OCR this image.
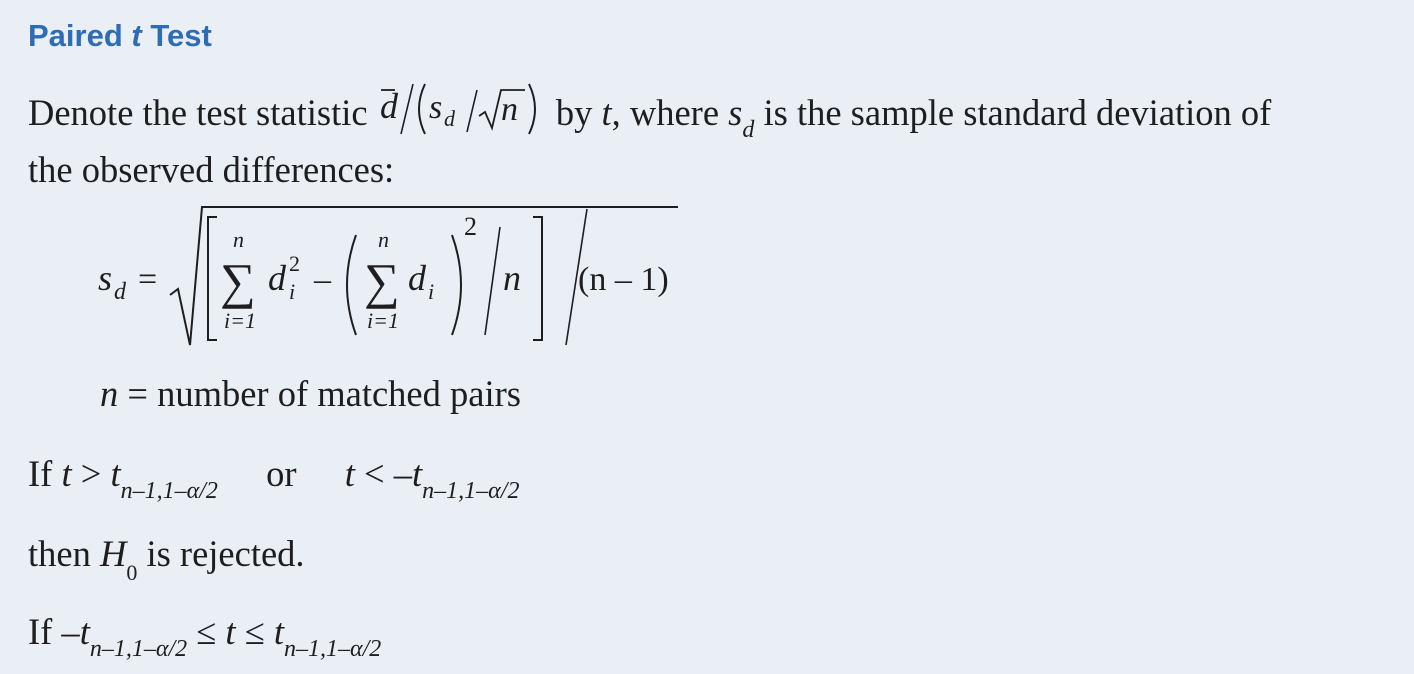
Paired t Test
Denote the test statistic d s d n by t, where $s_d$ is the sample standard deviation of
the observed differences:
s d =
n
∑
i=1
d 2
i –
n
∑
i=1
d i
2
n (n – 1)
n = number of matched pairs
If $t > t_{n-1,1-\alpha/2}$ or $t < -t_{n-1,1-\alpha/2}$
then $H_0$ is rejected.
If $-t_{n-1,1-\alpha/2} \le t \le t_{n-1,1-\alpha/2}$
